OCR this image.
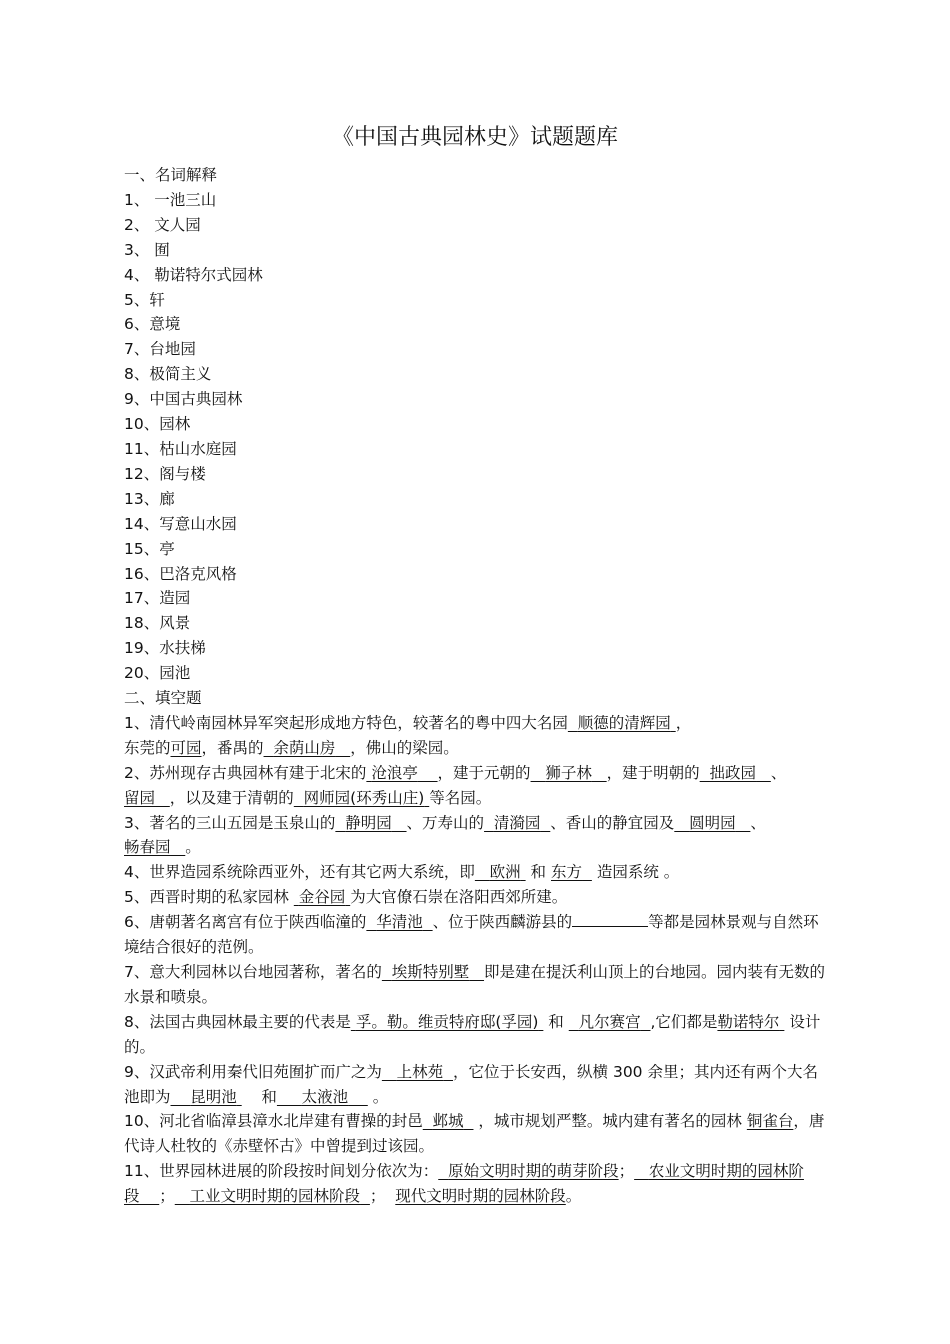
《中国古典园林史》试题题库
一、名词解释
1、 一池三山
2、 文人园
3、 囿
4、 勒诺特尔式园林
5、轩
6、意境
7、台地园
8、极简主义
9、中国古典园林
10、园林
11、枯山水庭园
12、阁与楼
13、廊
14、写意山水园
15、亭
16、巴洛克风格
17、造园
18、风景
19、水扶梯
20、园池
二、填空题
1、清代岭南园林异军突起形成地方特色，较著名的粤中四大名园 顺德的清辉园 ，
东莞的可园，番禺的 余荫山房 ，佛山的梁园。
2、苏州现存古典园林有建于北宋的 沧浪亭 ，建于元朝的 狮子林 ，建于明朝的 拙政园 、
留园 ，以及建于清朝的 网师园(环秀山庄) 等名园。
3、著名的三山五园是玉泉山的 静明园 、万寿山的 清漪园 、香山的静宜园及 圆明园 、
畅春园 。
4、世界造园系统除西亚外，还有其它两大系统，即 欧洲 和 东方 造园系统 。
5、西晋时期的私家园林 金谷园 为大官僚石崇在洛阳西郊所建。
6、唐朝著名离宫有位于陕西临潼的 华清池 、位于陕西麟游县的	等都是园林景观与自然环境结合很好的范例。
7、意大利园林以台地园著称，著名的 埃斯特别墅 即是建在提沃利山顶上的台地园。园内装有无数的水景和喷泉。
8、法国古典园林最主要的代表是 孚。勒。维贡特府邸(孚园) 和 凡尔赛宫 ,它们都是勒诺特尔 设计的。
9、汉武帝利用秦代旧苑囿扩而广之为 上林苑 ，它位于长安西，纵横 300 余里；其内还有两个大名池即为 昆明池 和 太液池 。
10、河北省临漳县漳水北岸建有曹操的封邑 邺城 ，城市规划严整。城内建有著名的园林 铜雀台，唐代诗人杜牧的《赤壁怀古》中曾提到过该园。
11、世界园林进展的阶段按时间划分依次为： 原始文明时期的萌芽阶段； 农业文明时期的园林阶段 ； 工业文明时期的园林阶段 ； 现代文明时期的园林阶段。
